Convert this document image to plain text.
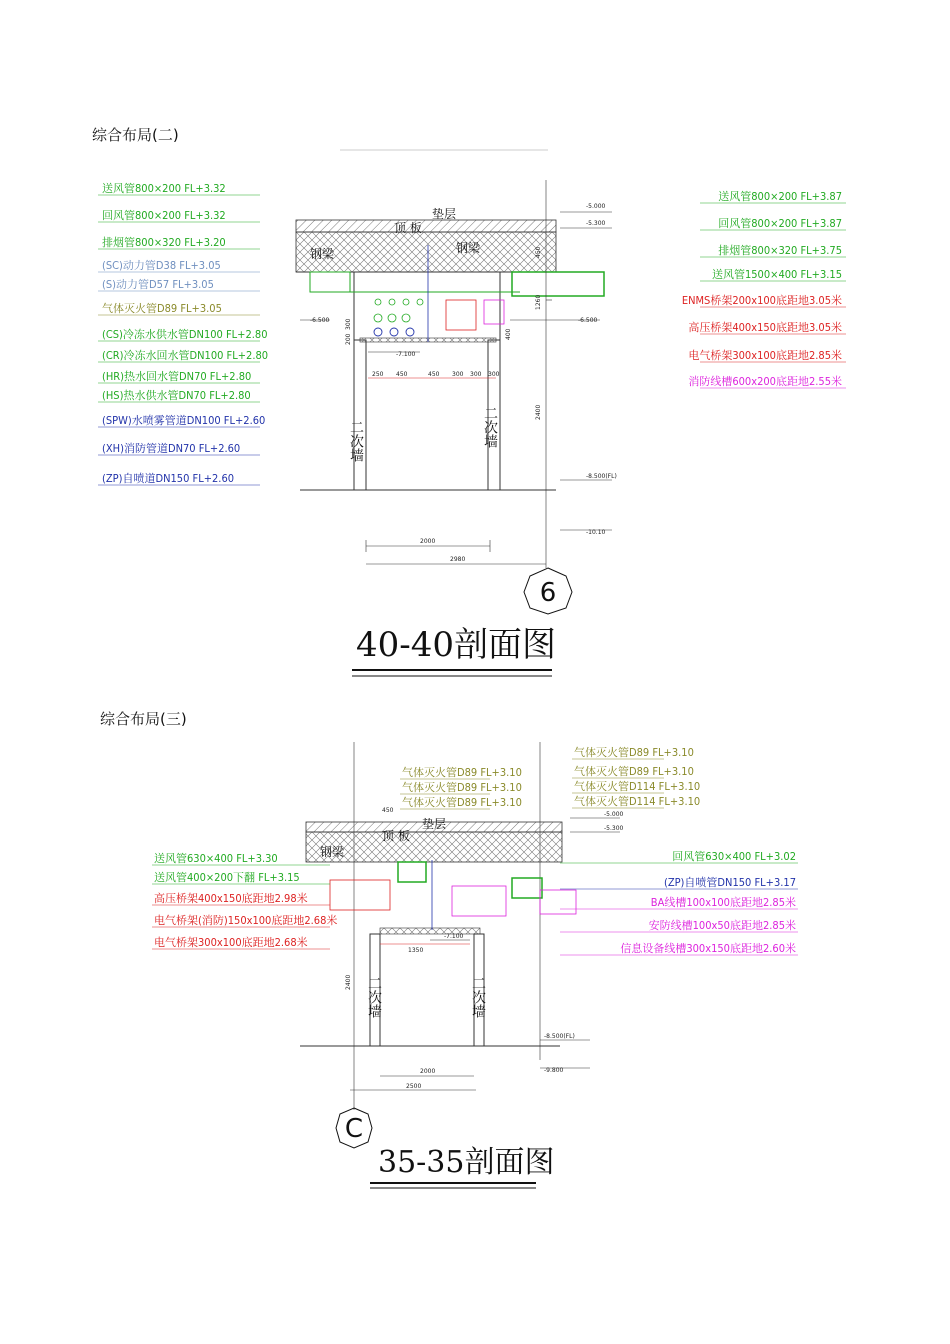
综合布局(二)
综合布局(三)
250 450	450 300 300 300
-5.000
-5.300
-6.500	-6.500
-7.100
-8.500(FL)
-10.10
2000
2980
2400
1260
300
200	400
450
垫层
顶 板
钢梁	钢梁
二次墙	二次墙
送风管800×200 FL+3.32
回风管800×200 FL+3.32
排烟管800×320 FL+3.20
(SC)动力管D38 FL+3.05
(S)动力管D57 FL+3.05
气体灭火管D89 FL+3.05
(CS)冷冻水供水管DN100 FL+2.80
(CR)冷冻水回水管DN100 FL+2.80
(HR)热水回水管DN70 FL+2.80
(HS)热水供水管DN70 FL+2.80
(SPW)水喷雾管道DN100 FL+2.60
(XH)消防管道DN70 FL+2.60
(ZP)自喷道DN150 FL+2.60
送风管800×200 FL+3.87
回风管800×200 FL+3.87
排烟管800×320 FL+3.75
送风管1500×400 FL+3.15
ENMS桥架200x100底距地3.05米
高压桥架400x150底距地3.05米
电气桥架300x100底距地2.85米
消防线槽600x200底距地2.55米
6
40-40剖面图
1350
450
-5.000
-5.300
-7.100
-8.500(FL)
-9.800
2000
2500
2400
垫层
顶 板
钢梁
二次墙	二次墙
气体灭火管D89 FL+3.10
气体灭火管D89 FL+3.10
气体灭火管D89 FL+3.10
气体灭火管D89 FL+3.10
气体灭火管D89 FL+3.10
气体灭火管D114 FL+3.10
气体灭火管D114 FL+3.10
送风管630×400 FL+3.30
送风管400×200下翻 FL+3.15
高压桥架400x150底距地2.98米
电气桥架(消防)150x100底距地2.68米
电气桥架300x100底距地2.68米
回风管630×400 FL+3.02
(ZP)自喷管DN150 FL+3.17
BA线槽100x100底距地2.85米
安防线槽100x50底距地2.85米
信息设备线槽300x150底距地2.60米
C
35-35剖面图
